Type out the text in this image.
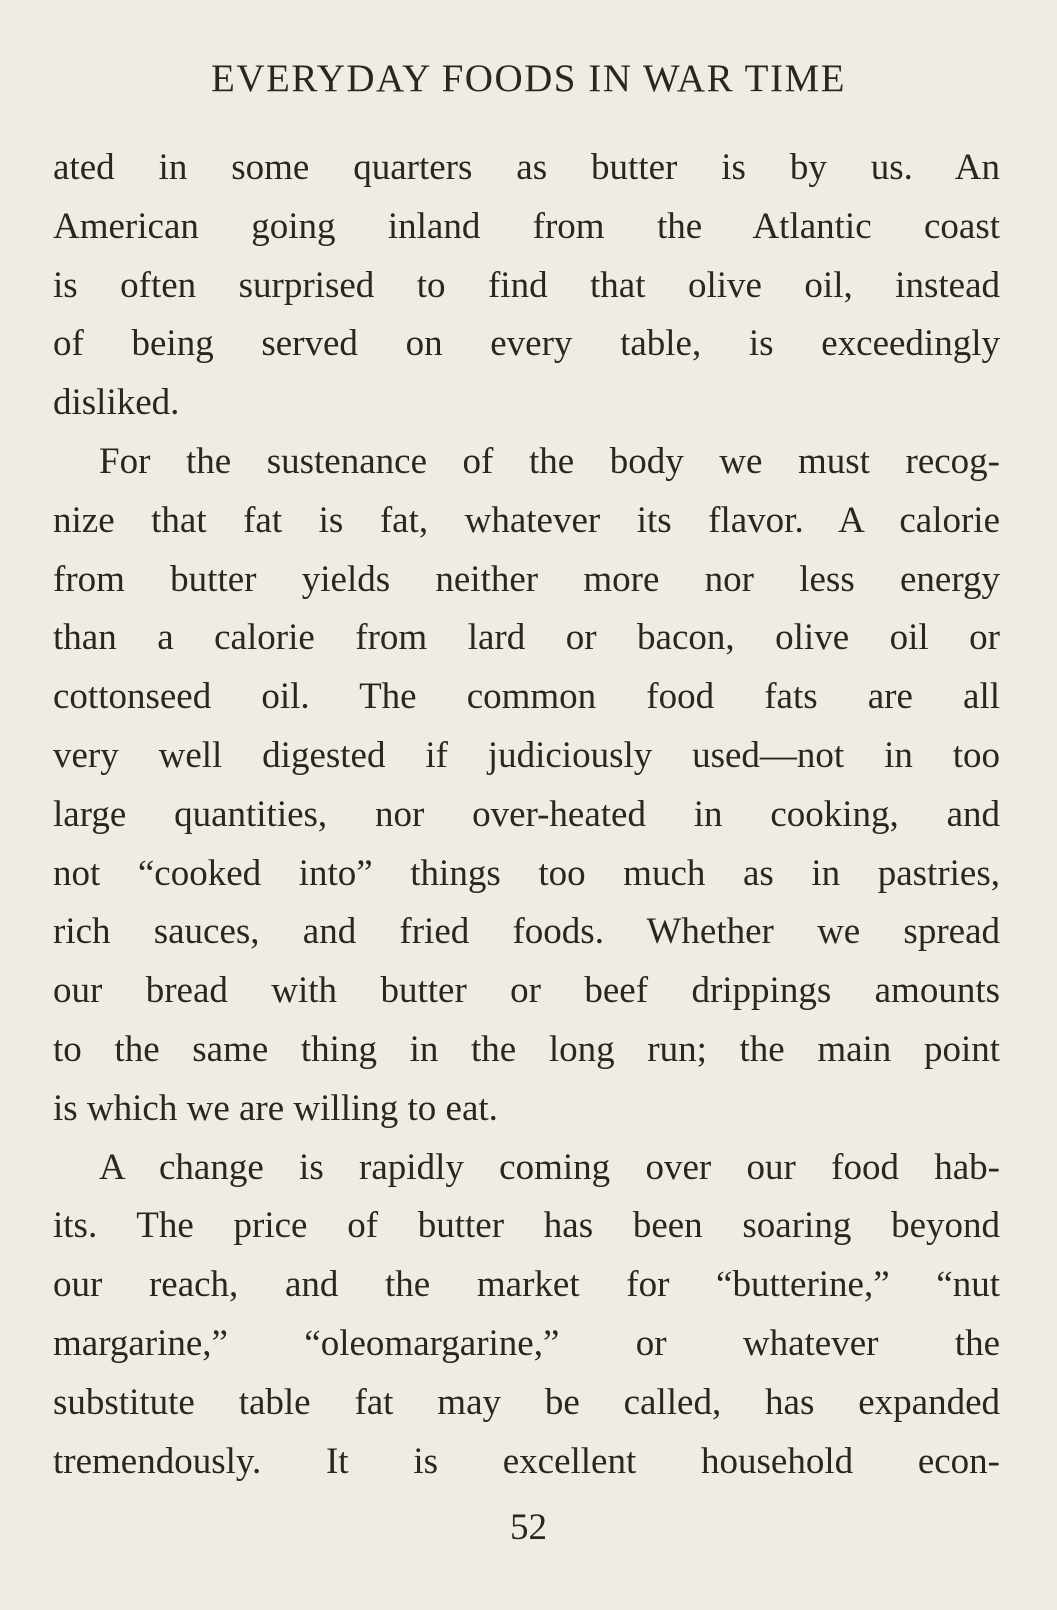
EVERYDAY FOODS IN WAR TIME
ated in some quarters as butter is by us. An
American going inland from the Atlantic coast
is often surprised to find that olive oil, instead
of being served on every table, is exceedingly
disliked.
For the sustenance of the body we must recog-
nize that fat is fat, whatever its flavor. A calorie
from butter yields neither more nor less energy
than a calorie from lard or bacon, olive oil or
cottonseed oil. The common food fats are all
very well digested if judiciously used—not in too
large quantities, nor over-heated in cooking, and
not “cooked into” things too much as in pastries,
rich sauces, and fried foods. Whether we spread
our bread with butter or beef drippings amounts
to the same thing in the long run; the main point
is which we are willing to eat.
A change is rapidly coming over our food hab-
its. The price of butter has been soaring beyond
our reach, and the market for “butterine,” “nut
margarine,” “oleomargarine,” or whatever the
substitute table fat may be called, has expanded
tremendously. It is excellent household econ-
52
